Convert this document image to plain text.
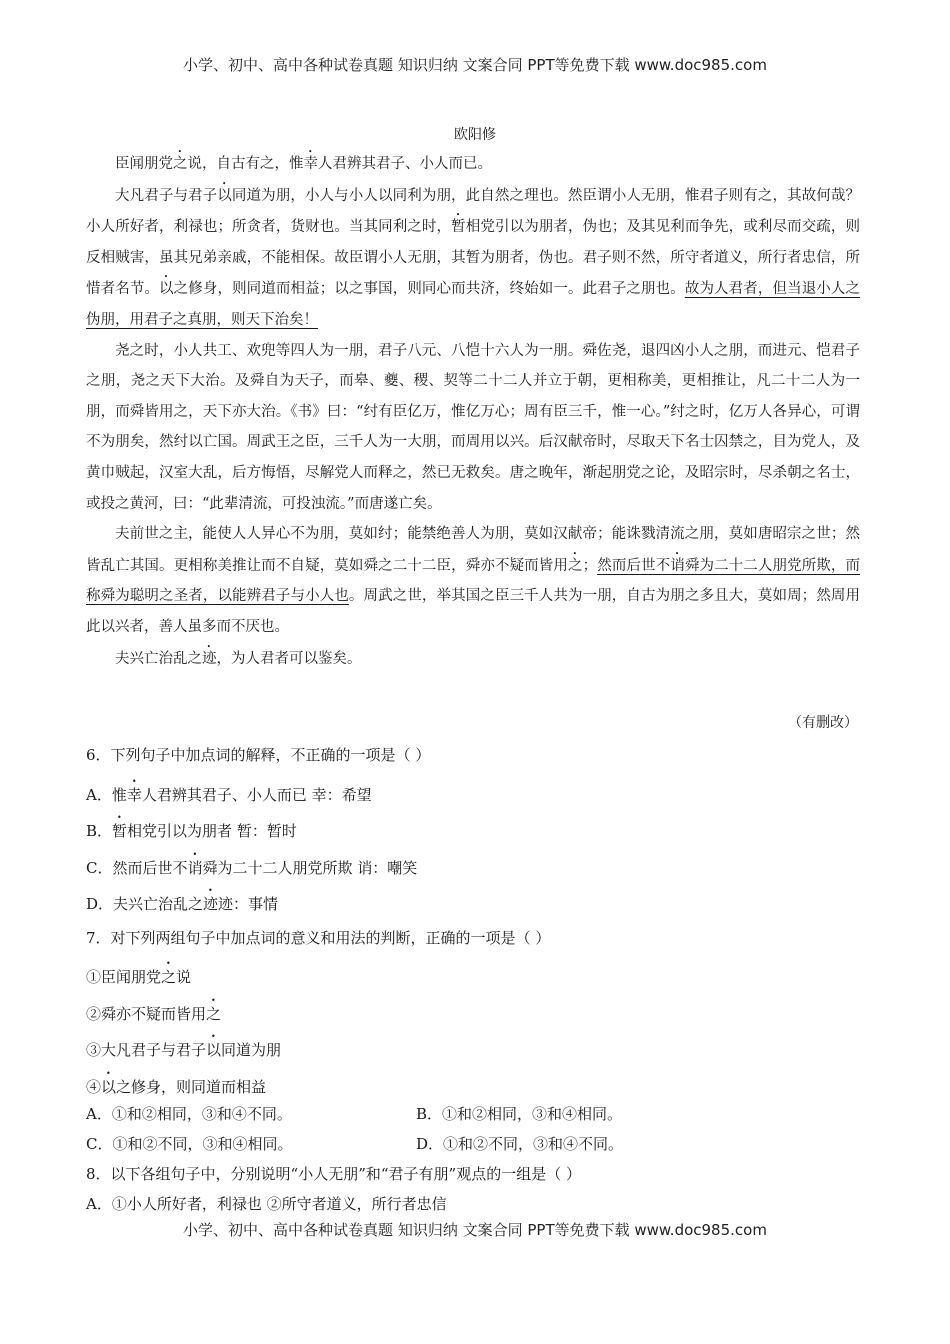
小学、初中、高中各种试卷真题 知识归纳 文案合同 PPT等免费下载 www.doc985.com
欧阳修

臣闻朋党之说，自古有之，惟幸人君辨其君子、小人而已。

大凡君子与君子以同道为朋，小人与小人以同利为朋，此自然之理也。然臣谓小人无朋，惟君子则有之，其故何哉？小人所好者，利禄也；所贪者，货财也。当其同利之时，暂相党引以为朋者，伪也；及其见利而争先，或利尽而交疏，则反相贼害，虽其兄弟亲戚，不能相保。故臣谓小人无朋，其暂为朋者，伪也。君子则不然，所守者道义，所行者忠信，所惜者名节。以之修身，则同道而相益；以之事国，则同心而共济，终始如一。此君子之朋也。故为人君者，但当退小人之伪朋，用君子之真朋，则天下治矣！

尧之时，小人共工、欢兜等四人为一朋，君子八元、八恺十六人为一朋。舜佐尧，退四凶小人之朋，而进元、恺君子之朋，尧之天下大治。及舜自为天子，而皋、夔、稷、契等二十二人并立于朝，更相称美，更相推让，凡二十二人为一朋，而舜皆用之，天下亦大治。《书》曰：“纣有臣亿万，惟亿万心；周有臣三千，惟一心。”纣之时，亿万人各异心，可谓不为朋矣，然纣以亡国。周武王之臣，三千人为一大朋，而周用以兴。后汉献帝时，尽取天下名士囚禁之，目为党人，及黄巾贼起，汉室大乱，后方悔悟，尽解党人而释之，然已无救矣。唐之晚年，渐起朋党之论，及昭宗时，尽杀朝之名士，或投之黄河，曰：“此辈清流，可投浊流。”而唐遂亡矣。

夫前世之主，能使人人异心不为朋，莫如纣；能禁绝善人为朋，莫如汉献帝；能诛戮清流之朋，莫如唐昭宗之世；然皆乱亡其国。更相称美推让而不自疑，莫如舜之二十二臣，舜亦不疑而皆用之；然而后世不诮舜为二十二人朋党所欺，而称舜为聪明之圣者，以能辨君子与小人也。周武之世，举其国之臣三千人共为一朋，自古为朋之多且大，莫如周；然周用此以兴者，善人虽多而不厌也。

夫兴亡治乱之迹，为人君者可以鉴矣。

（有删改）
6．下列句子中加点词的解释，不正确的一项是（ ）
A．惟幸人君辨其君子、小人而已 幸：希望
B．暂相党引以为朋者 暂：暂时
C．然而后世不诮舜为二十二人朋党所欺 诮：嘲笑
D．夫兴亡治乱之迹迹：事情
7．对下列两组句子中加点词的意义和用法的判断，正确的一项是（ ）
①臣闻朋党之说
②舜亦不疑而皆用之
③大凡君子与君子以同道为朋
④以之修身，则同道而相益
A．①和②相同，③和④不同。	B．①和②相同，③和④相同。
C．①和②不同，③和④相同。	D．①和②不同，③和④不同。
8．以下各组句子中，分别说明“小人无朋”和“君子有朋”观点的一组是（ ）
A．①小人所好者，利禄也 ②所守者道义，所行者忠信
小学、初中、高中各种试卷真题 知识归纳 文案合同 PPT等免费下载 www.doc985.com
